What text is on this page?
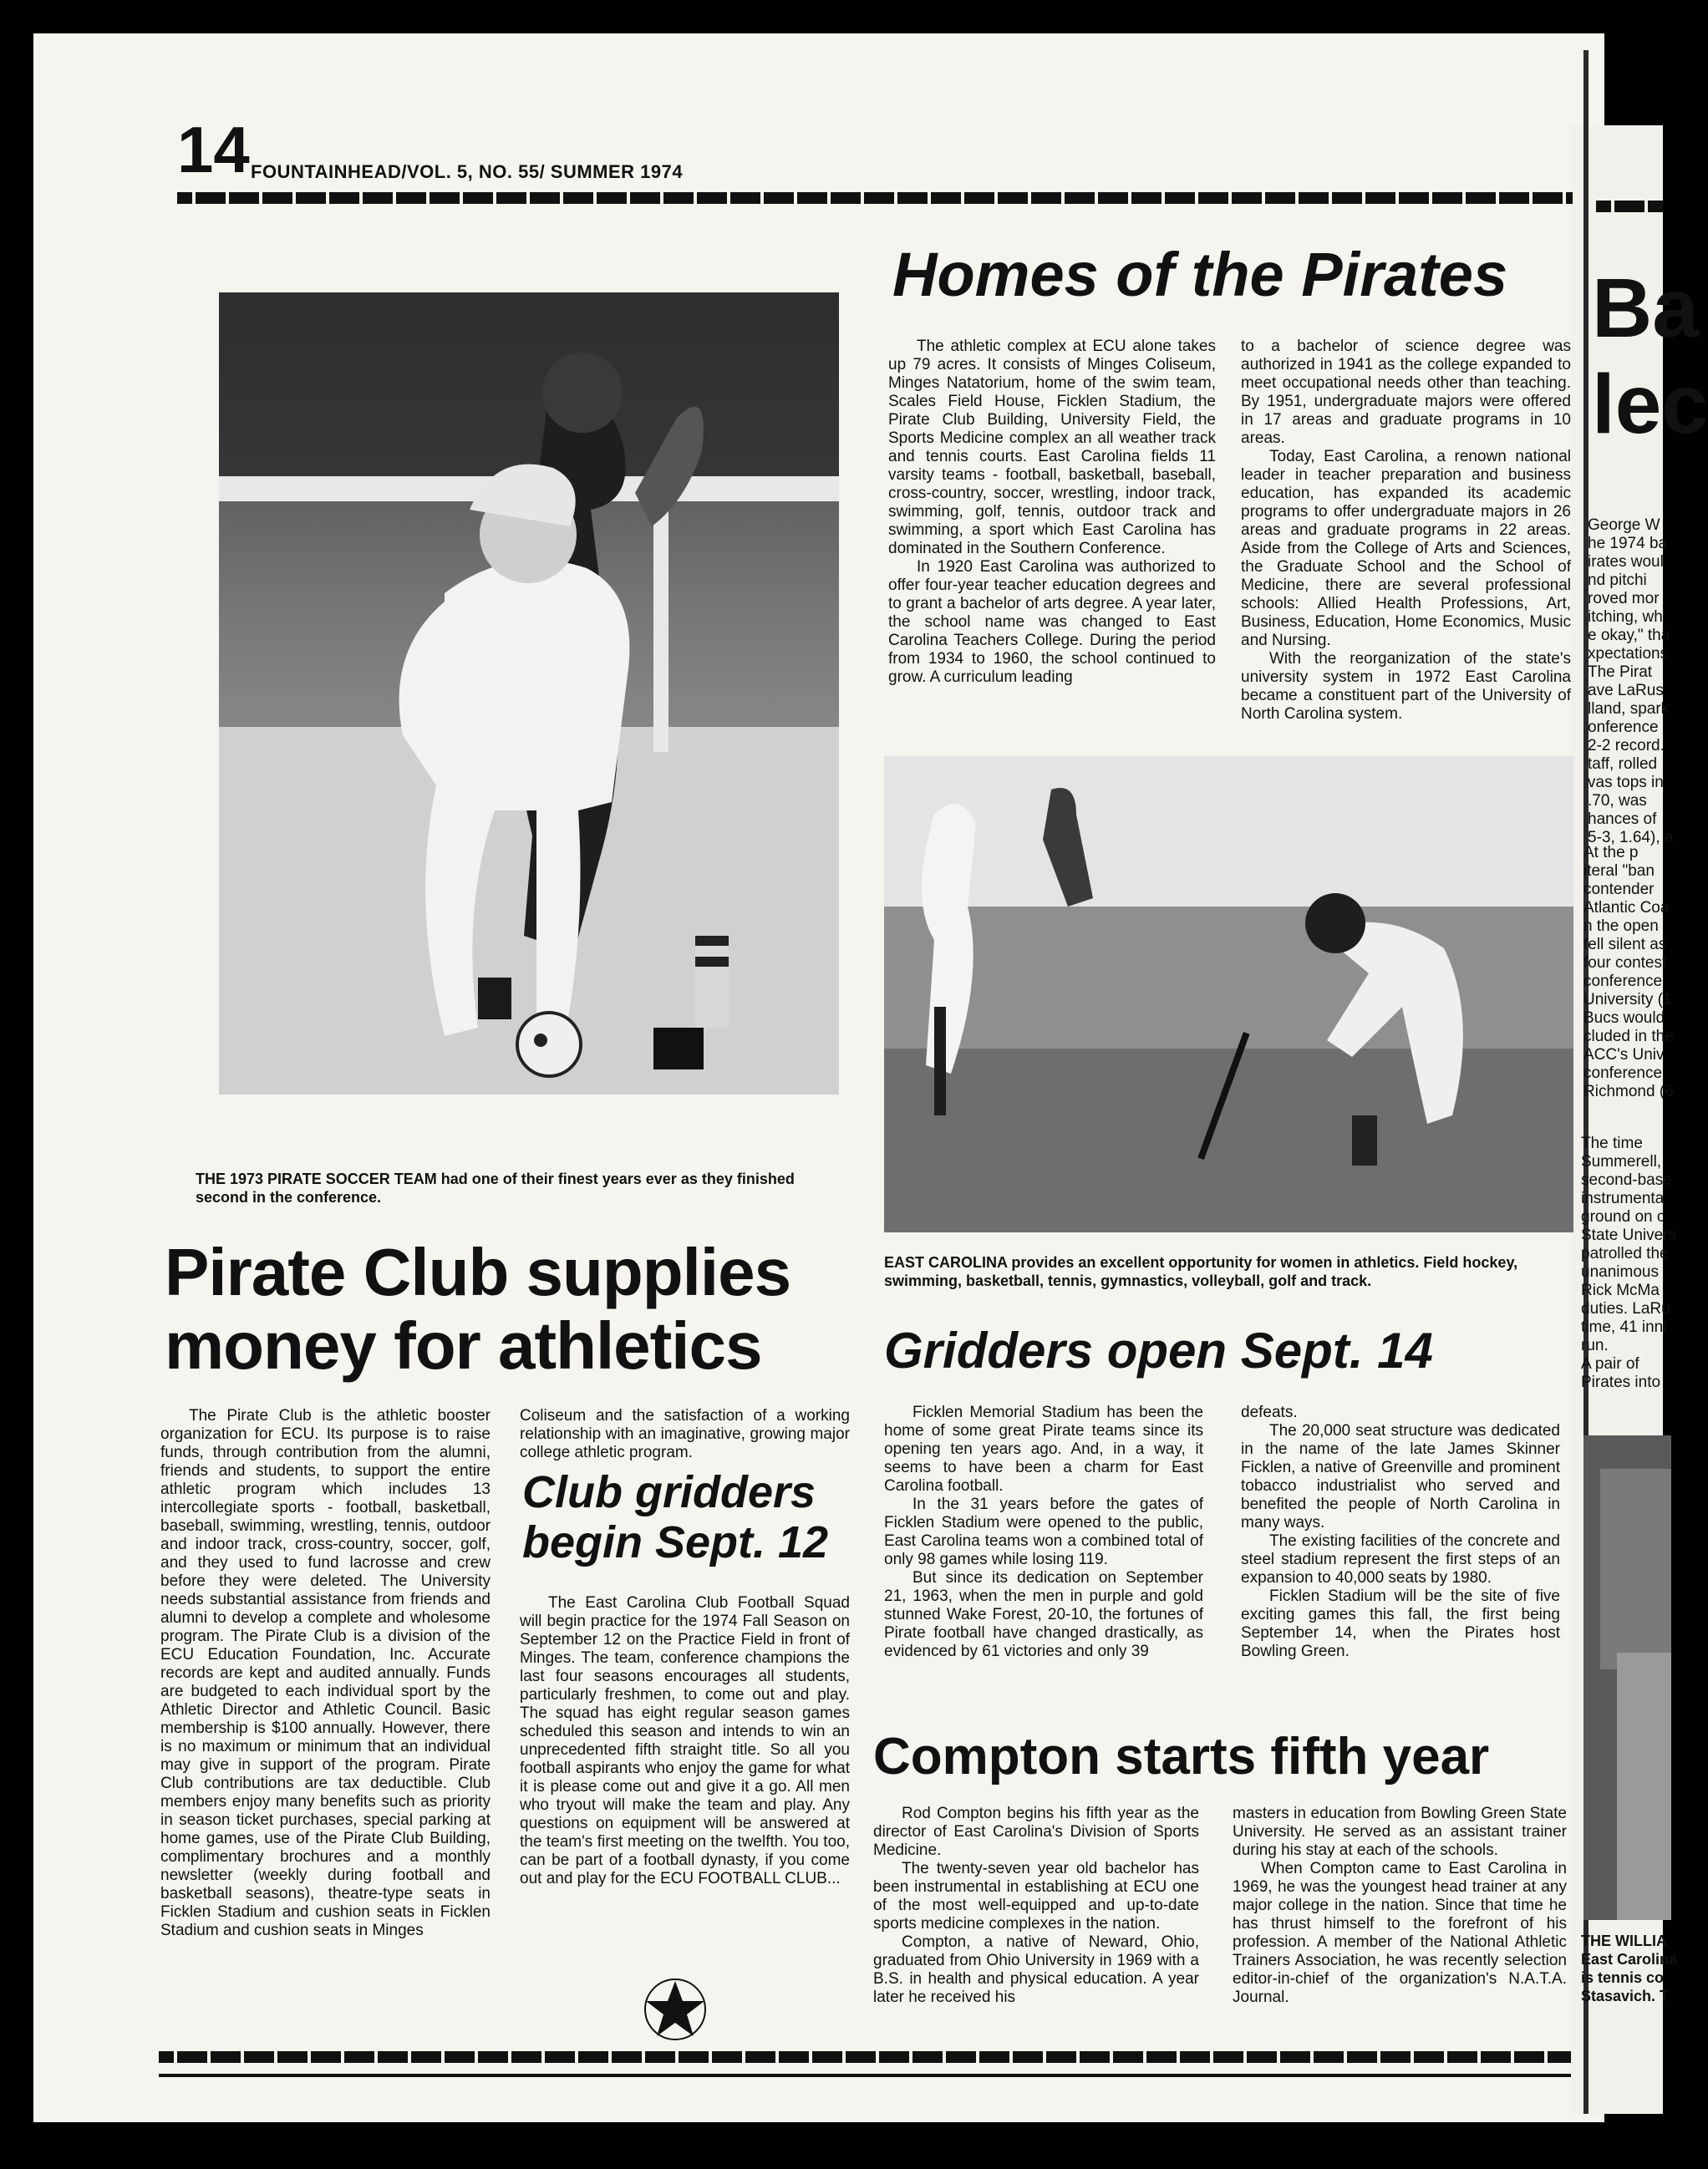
14 FOUNTAINHEAD/VOL. 5, NO. 55/ SUMMER 1974
THE 1973 PIRATE SOCCER TEAM had one of their finest years ever as they finished second in the conference.
Homes of the Pirates

The athletic complex at ECU alone takes up 79 acres. It consists of Minges Coliseum, Minges Natatorium, home of the swim team, Scales Field House, Ficklen Stadium, the Pirate Club Building, University Field, the Sports Medicine complex an all weather track and tennis courts. East Carolina fields 11 varsity teams - football, basketball, baseball, cross-country, soccer, wrestling, indoor track, swimming, golf, tennis, outdoor track and swimming, a sport which East Carolina has dominated in the Southern Conference.

In 1920 East Carolina was authorized to offer four-year teacher education degrees and to grant a bachelor of arts degree. A year later, the school name was changed to East Carolina Teachers College. During the period from 1934 to 1960, the school continued to grow. A curriculum leading

to a bachelor of science degree was authorized in 1941 as the college expanded to meet occupational needs other than teaching. By 1951, undergraduate majors were offered in 17 areas and graduate programs in 10 areas.

Today, East Carolina, a renown national leader in teacher preparation and business education, has expanded its academic programs to offer undergraduate majors in 26 areas and graduate programs in 22 areas. Aside from the College of Arts and Sciences, the Graduate School and the School of Medicine, there are several professional schools: Allied Health Professions, Art, Business, Education, Home Economics, Music and Nursing.

With the reorganization of the state's university system in 1972 East Carolina became a constituent part of the University of North Carolina system.

EAST CAROLINA provides an excellent opportunity for women in athletics. Field hockey, swimming, basketball, tennis, gymnastics, volleyball, golf and track.
Pirate Club supplies
money for athletics

The Pirate Club is the athletic booster organization for ECU. Its purpose is to raise funds, through contribution from the alumni, friends and students, to support the entire athletic program which includes 13 intercollegiate sports - football, basketball, baseball, swimming, wrestling, tennis, outdoor and indoor track, cross-country, soccer, golf, and they used to fund lacrosse and crew before they were deleted. The University needs substantial assistance from friends and alumni to develop a complete and wholesome program. The Pirate Club is a division of the ECU Education Foundation, Inc. Accurate records are kept and audited annually. Funds are budgeted to each individual sport by the Athletic Director and Athletic Council. Basic membership is $100 annually. However, there is no maximum or minimum that an individual may give in support of the program. Pirate Club contributions are tax deductible. Club members enjoy many benefits such as priority in season ticket purchases, special parking at home games, use of the Pirate Club Building, complimentary brochures and a monthly newsletter (weekly during football and basketball seasons), theatre-type seats in Ficklen Stadium and cushion seats in Ficklen Stadium and cushion seats in Minges

Coliseum and the satisfaction of a working relationship with an imaginative, growing major college athletic program.

Club gridders
begin Sept. 12

The East Carolina Club Football Squad will begin practice for the 1974 Fall Season on September 12 on the Practice Field in front of Minges. The team, conference champions the last four seasons encourages all students, particularly freshmen, to come out and play. The squad has eight regular season games scheduled this season and intends to win an unprecedented fifth straight title. So all you football aspirants who enjoy the game for what it is please come out and give it a go. All men who tryout will make the team and play. Any questions on equipment will be answered at the team's first meeting on the twelfth. You too, can be part of a football dynasty, if you come out and play for the ECU FOOTBALL CLUB...

Gridders open Sept. 14

Ficklen Memorial Stadium has been the home of some great Pirate teams since its opening ten years ago. And, in a way, it seems to have been a charm for East Carolina football.

In the 31 years before the gates of Ficklen Stadium were opened to the public, East Carolina teams won a combined total of only 98 games while losing 119.

But since its dedication on September 21, 1963, when the men in purple and gold stunned Wake Forest, 20-10, the fortunes of Pirate football have changed drastically, as evidenced by 61 victories and only 39

defeats.

The 20,000 seat structure was dedicated in the name of the late James Skinner Ficklen, a native of Greenville and prominent tobacco industrialist who served and benefited the people of North Carolina in many ways.

The existing facilities of the concrete and steel stadium represent the first steps of an expansion to 40,000 seats by 1980.

Ficklen Stadium will be the site of five exciting games this fall, the first being September 14, when the Pirates host Bowling Green.

Compton starts fifth year

Rod Compton begins his fifth year as the director of East Carolina's Division of Sports Medicine.

The twenty-seven year old bachelor has been instrumental in establishing at ECU one of the most well-equipped and up-to-date sports medicine complexes in the nation.

Compton, a native of Neward, Ohio, graduated from Ohio University in 1969 with a B.S. in health and physical education. A year later he received his

masters in education from Bowling Green State University. He served as an assistant trainer during his stay at each of the schools.

When Compton came to East Carolina in 1969, he was the youngest head trainer at any major college in the nation. Since that time he has thrust himself to the forefront of his profession. A member of the National Athletic Trainers Association, he was recently selection editor-in-chief of the organization's N.A.T.A. Journal.

Ba
lec
George W
he 1974 ba
irates woul
nd pitchi
roved mor
itching, wh
e okay," tha
xpectations
The Pirat
ave LaRus
lland, spark
onference
2-2 record.
taff, rolled
vas tops in
.70, was
hances of
5-3, 1.64), a
At the p
iteral "ban
contender
Atlantic Coa
n the open
fell silent as
four contest
conference
University (1
Bucs would
cluded in the
ACC's Univ
conference
Richmond (6
The time
Summerell,
second-base
instrumenta
ground on c
State Univers
patrolled the
unanimous
Rick McMa
duties. LaRu
time, 41 inni
run.
A pair of
Pirates into
THE WILLIA
East Carolina
is tennis co
Stasavich. T
